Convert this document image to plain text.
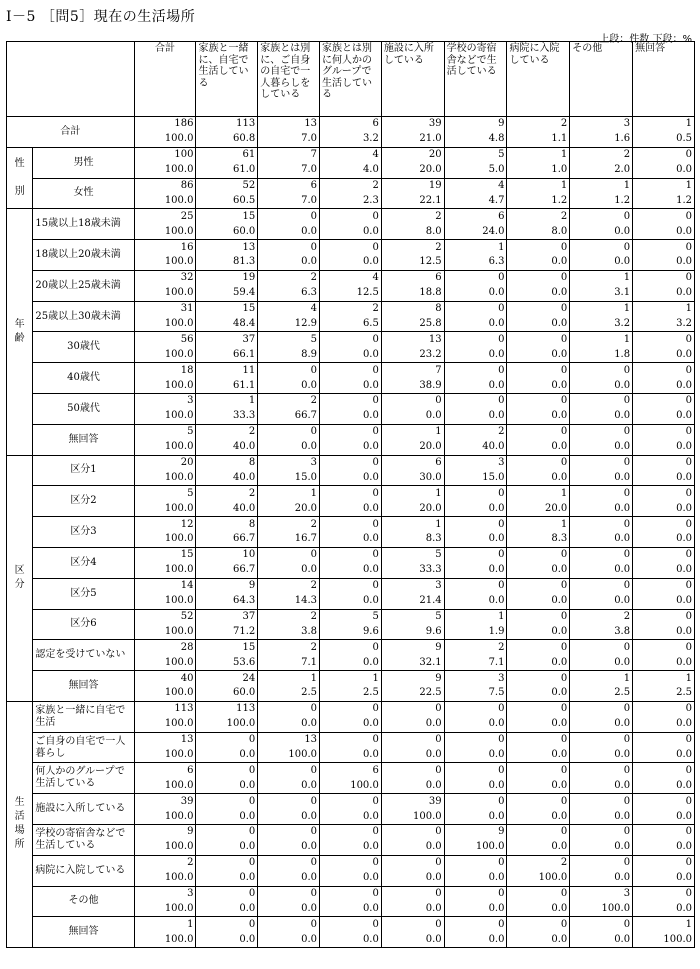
Ⅰ－5 ［問5］現在の生活場所
上段：件数 下段：%
		合計	家族と一緒に、自宅で生活している	家族とは別に、ご自身の自宅で一人暮らしをしている	家族とは別に何人かのグループで生活している	施設に入所している	学校の寄宿舎などで生活している	病院に入院している	その他	無回答
合計		186	113	13	6	39	9	2	3	1
		100.0	60.8	7.0	3.2	21.0	4.8	1.1	1.6	0.5
性別	男性	100	61	7	4	20	5	1	2	0
		100.0	61.0	7.0	4.0	20.0	5.0	1.0	2.0	0.0
	女性	86	52	6	2	19	4	1	1	1
		100.0	60.5	7.0	2.3	22.1	4.7	1.2	1.2	1.2
年齢	15歳以上18歳未満	25	15	0	0	2	6	2	0	0
		100.0	60.0	0.0	0.0	8.0	24.0	8.0	0.0	0.0
	18歳以上20歳未満	16	13	0	0	2	1	0	0	0
		100.0	81.3	0.0	0.0	12.5	6.3	0.0	0.0	0.0
	20歳以上25歳未満	32	19	2	4	6	0	0	1	0
		100.0	59.4	6.3	12.5	18.8	0.0	0.0	3.1	0.0
	25歳以上30歳未満	31	15	4	2	8	0	0	1	1
		100.0	48.4	12.9	6.5	25.8	0.0	0.0	3.2	3.2
	30歳代	56	37	5	0	13	0	0	1	0
		100.0	66.1	8.9	0.0	23.2	0.0	0.0	1.8	0.0
	40歳代	18	11	0	0	7	0	0	0	0
		100.0	61.1	0.0	0.0	38.9	0.0	0.0	0.0	0.0
	50歳代	3	1	2	0	0	0	0	0	0
		100.0	33.3	66.7	0.0	0.0	0.0	0.0	0.0	0.0
	無回答	5	2	0	0	1	2	0	0	0
		100.0	40.0	0.0	0.0	20.0	40.0	0.0	0.0	0.0
区分	区分1	20	8	3	0	6	3	0	0	0
		100.0	40.0	15.0	0.0	30.0	15.0	0.0	0.0	0.0
	区分2	5	2	1	0	1	0	1	0	0
		100.0	40.0	20.0	0.0	20.0	0.0	20.0	0.0	0.0
	区分3	12	8	2	0	1	0	1	0	0
		100.0	66.7	16.7	0.0	8.3	0.0	8.3	0.0	0.0
	区分4	15	10	0	0	5	0	0	0	0
		100.0	66.7	0.0	0.0	33.3	0.0	0.0	0.0	0.0
	区分5	14	9	2	0	3	0	0	0	0
		100.0	64.3	14.3	0.0	21.4	0.0	0.0	0.0	0.0
	区分6	52	37	2	5	5	1	0	2	0
		100.0	71.2	3.8	9.6	9.6	1.9	0.0	3.8	0.0
	認定を受けていない	28	15	2	0	9	2	0	0	0
		100.0	53.6	7.1	0.0	32.1	7.1	0.0	0.0	0.0
	無回答	40	24	1	1	9	3	0	1	1
		100.0	60.0	2.5	2.5	22.5	7.5	0.0	2.5	2.5
生活場所	家族と一緒に自宅で生活	113	113	0	0	0	0	0	0	0
		100.0	100.0	0.0	0.0	0.0	0.0	0.0	0.0	0.0
	ご自身の自宅で一人暮らし	13	0	13	0	0	0	0	0	0
		100.0	0.0	100.0	0.0	0.0	0.0	0.0	0.0	0.0
	何人かのグループで生活している	6	0	0	6	0	0	0	0	0
		100.0	0.0	0.0	100.0	0.0	0.0	0.0	0.0	0.0
	施設に入所している	39	0	0	0	39	0	0	0	0
		100.0	0.0	0.0	0.0	100.0	0.0	0.0	0.0	0.0
	学校の寄宿舎などで生活している	9	0	0	0	0	9	0	0	0
		100.0	0.0	0.0	0.0	0.0	100.0	0.0	0.0	0.0
	病院に入院している	2	0	0	0	0	0	2	0	0
		100.0	0.0	0.0	0.0	0.0	0.0	100.0	0.0	0.0
	その他	3	0	0	0	0	0	0	3	0
		100.0	0.0	0.0	0.0	0.0	0.0	0.0	100.0	0.0
	無回答	1	0	0	0	0	0	0	0	1
		100.0	0.0	0.0	0.0	0.0	0.0	0.0	0.0	100.0
